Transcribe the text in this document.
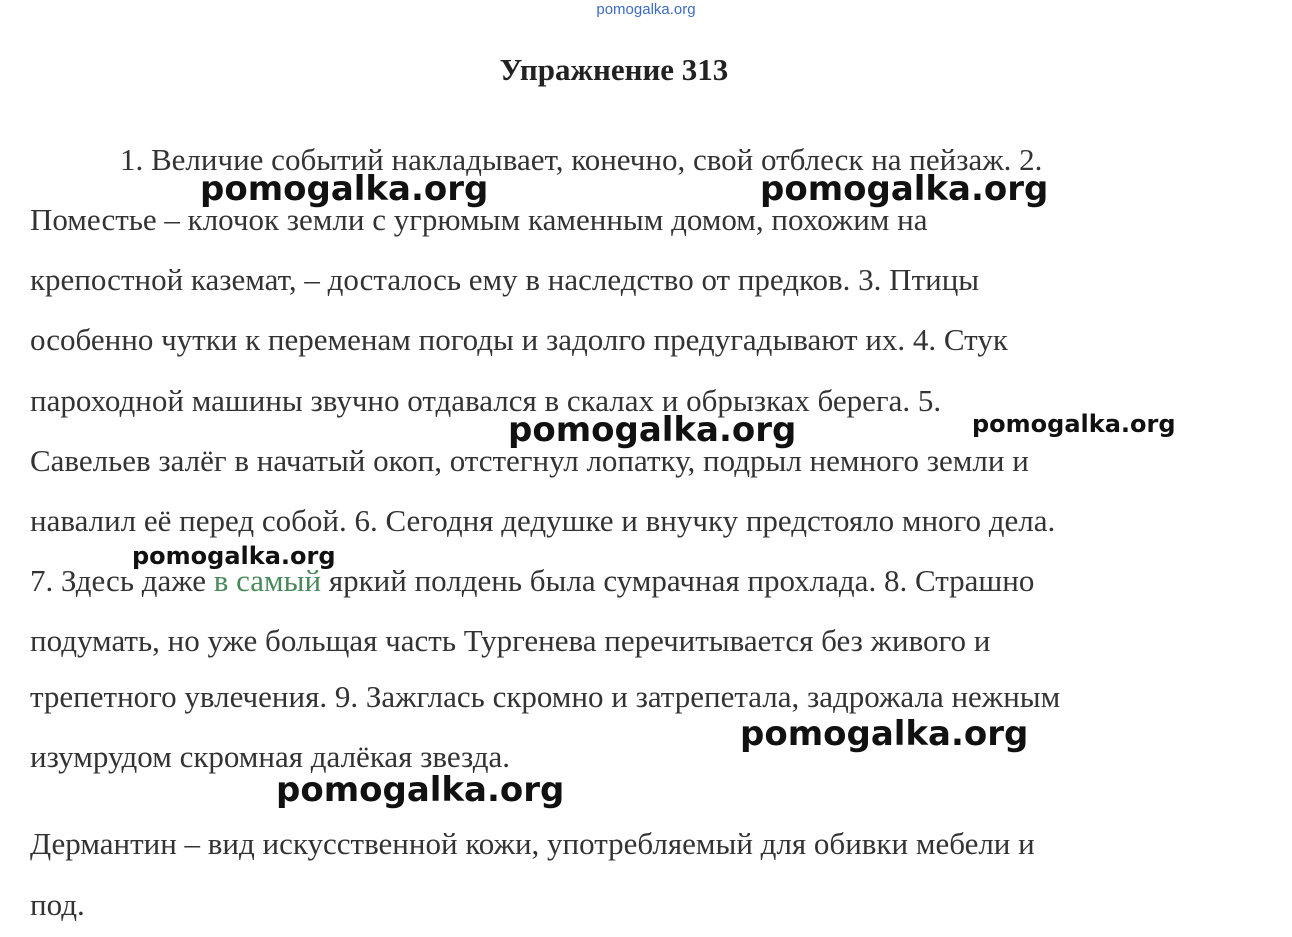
pomogalka.org
Упражнение 313
1. Величие событий накладывает, конечно, свой отблеск на пейзаж. 2.
Поместье – клочок земли с угрюмым каменным домом, похожим на
крепостной каземат, – досталось ему в наследство от предков. 3. Птицы
особенно чутки к переменам погоды и задолго предугадывают их. 4. Стук
пароходной машины звучно отдавался в скалах и обрызках берега. 5.
Савельев залёг в начатый окоп, отстегнул лопатку, подрыл немного земли и
навалил её перед собой. 6. Сегодня дедушке и внучку предстояло много дела.
7. Здесь даже в самый яркий полдень была сумрачная прохлада. 8. Страшно
подумать, но уже больщая часть Тургенева перечитывается без живого и
трепетного увлечения. 9. Зажглась скромно и затрепетала, задрожала нежным
изумрудом скромная далёкая звезда.
Дермантин – вид искусственной кожи, употребляемый для обивки мебели и
под.
pomogalka.org	pomogalka.org
pomogalka.org	pomogalka.org
pomogalka.org
pomogalka.org
pomogalka.org
